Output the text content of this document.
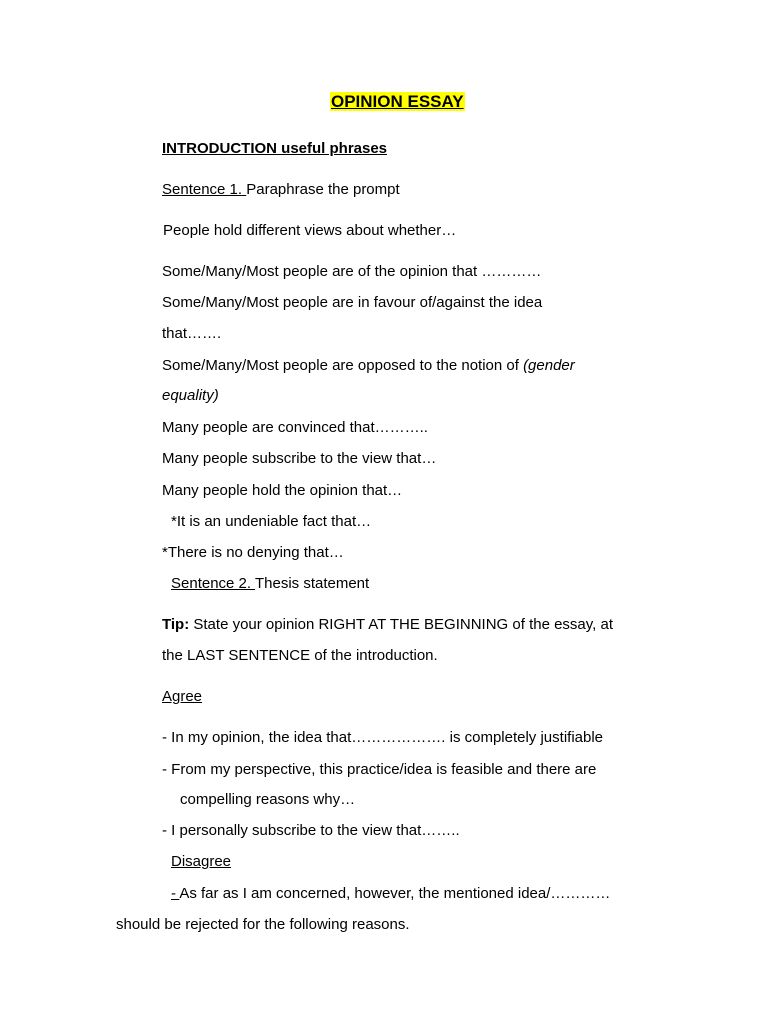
OPINION ESSAY
INTRODUCTION useful phrases
Sentence 1. Paraphrase the prompt
People hold different views about whether…
Some/Many/Most people are of the opinion that …………
Some/Many/Most people are in favour of/against the idea
that…….
Some/Many/Most people are opposed to the notion of (gender
equality)
Many people are convinced that………..
Many people subscribe to the view that…
Many people hold the opinion that…
*It is an undeniable fact that…
*There is no denying that…
Sentence 2. Thesis statement
Tip: State your opinion RIGHT AT THE BEGINNING of the essay, at
the LAST SENTENCE of the introduction.
Agree
- In my opinion, the idea that………………. is completely justifiable
- From my perspective, this practice/idea is feasible and there are
compelling reasons why…
- I personally subscribe to the view that……..
Disagree
- As far as I am concerned, however, the mentioned idea/…………
should be rejected for the following reasons.
